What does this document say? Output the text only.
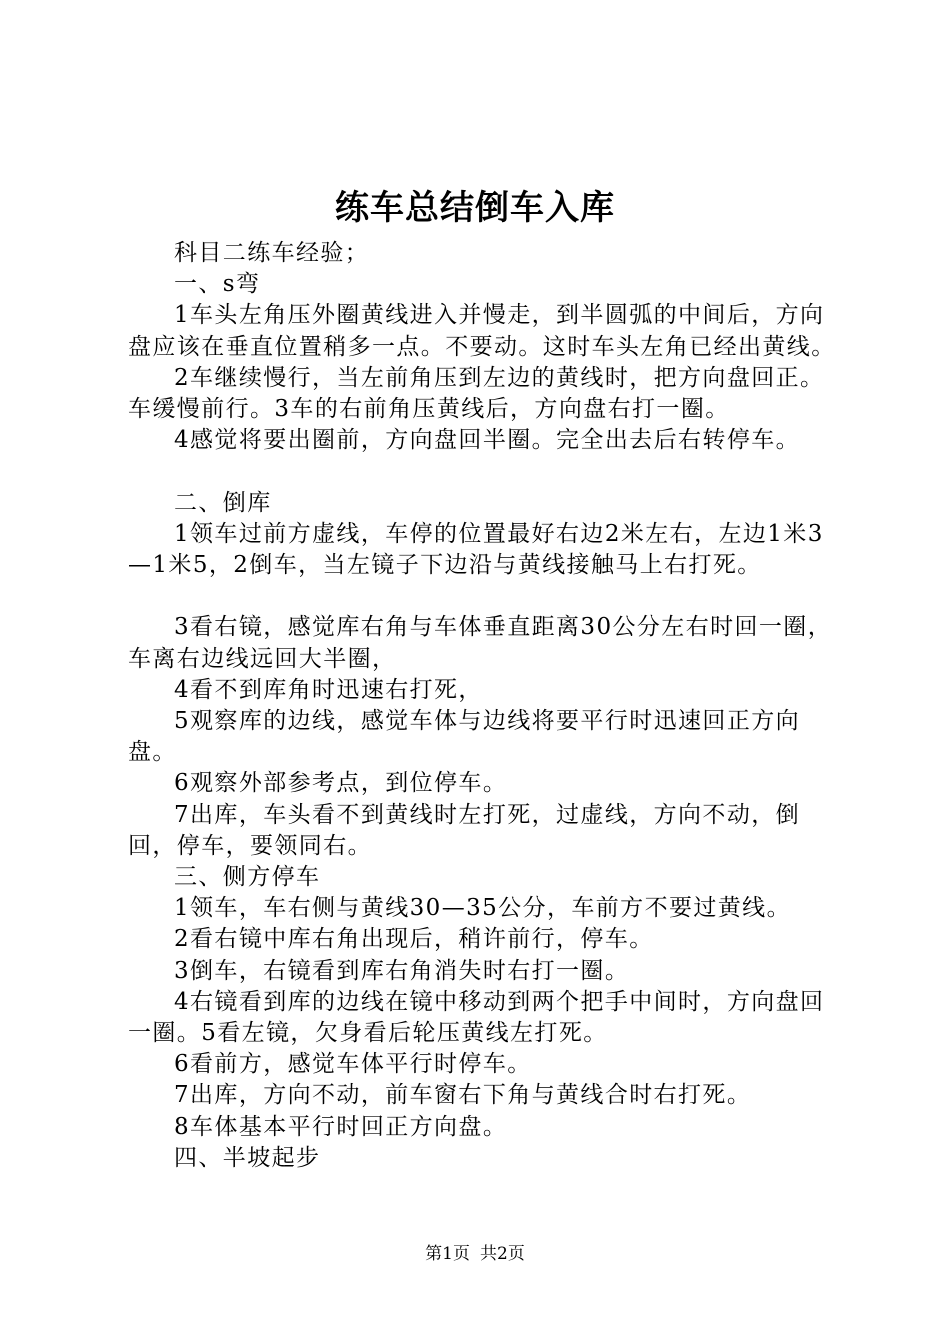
练车总结倒车入库

科目二练车经验；

一、s弯

1车头左角压外圈黄线进入并慢走，到半圆弧的中间后，方向盘应该在垂直位置稍多一点。不要动。这时车头左角已经出黄线。

2车继续慢行，当左前角压到左边的黄线时，把方向盘回正。车缓慢前行。3车的右前角压黄线后，方向盘右打一圈。

4感觉将要出圈前，方向盘回半圈。完全出去后右转停车。

二、倒库

1领车过前方虚线，车停的位置最好右边2米左右，左边1米3—1米5，2倒车，当左镜子下边沿与黄线接触马上右打死。

3看右镜，感觉库右角与车体垂直距离30公分左右时回一圈，车离右边线远回大半圈，

4看不到库角时迅速右打死，

5观察库的边线，感觉车体与边线将要平行时迅速回正方向盘。

6观察外部参考点，到位停车。

7出库，车头看不到黄线时左打死，过虚线，方向不动，倒回，停车，要领同右。

三、侧方停车

1领车，车右侧与黄线30—35公分，车前方不要过黄线。

2看右镜中库右角出现后，稍许前行，停车。

3倒车，右镜看到库右角消失时右打一圈。

4右镜看到库的边线在镜中移动到两个把手中间时，方向盘回一圈。5看左镜，欠身看后轮压黄线左打死。

6看前方，感觉车体平行时停车。

7出库，方向不动，前车窗右下角与黄线合时右打死。

8车体基本平行时回正方向盘。

四、半坡起步

第1页 共2页
